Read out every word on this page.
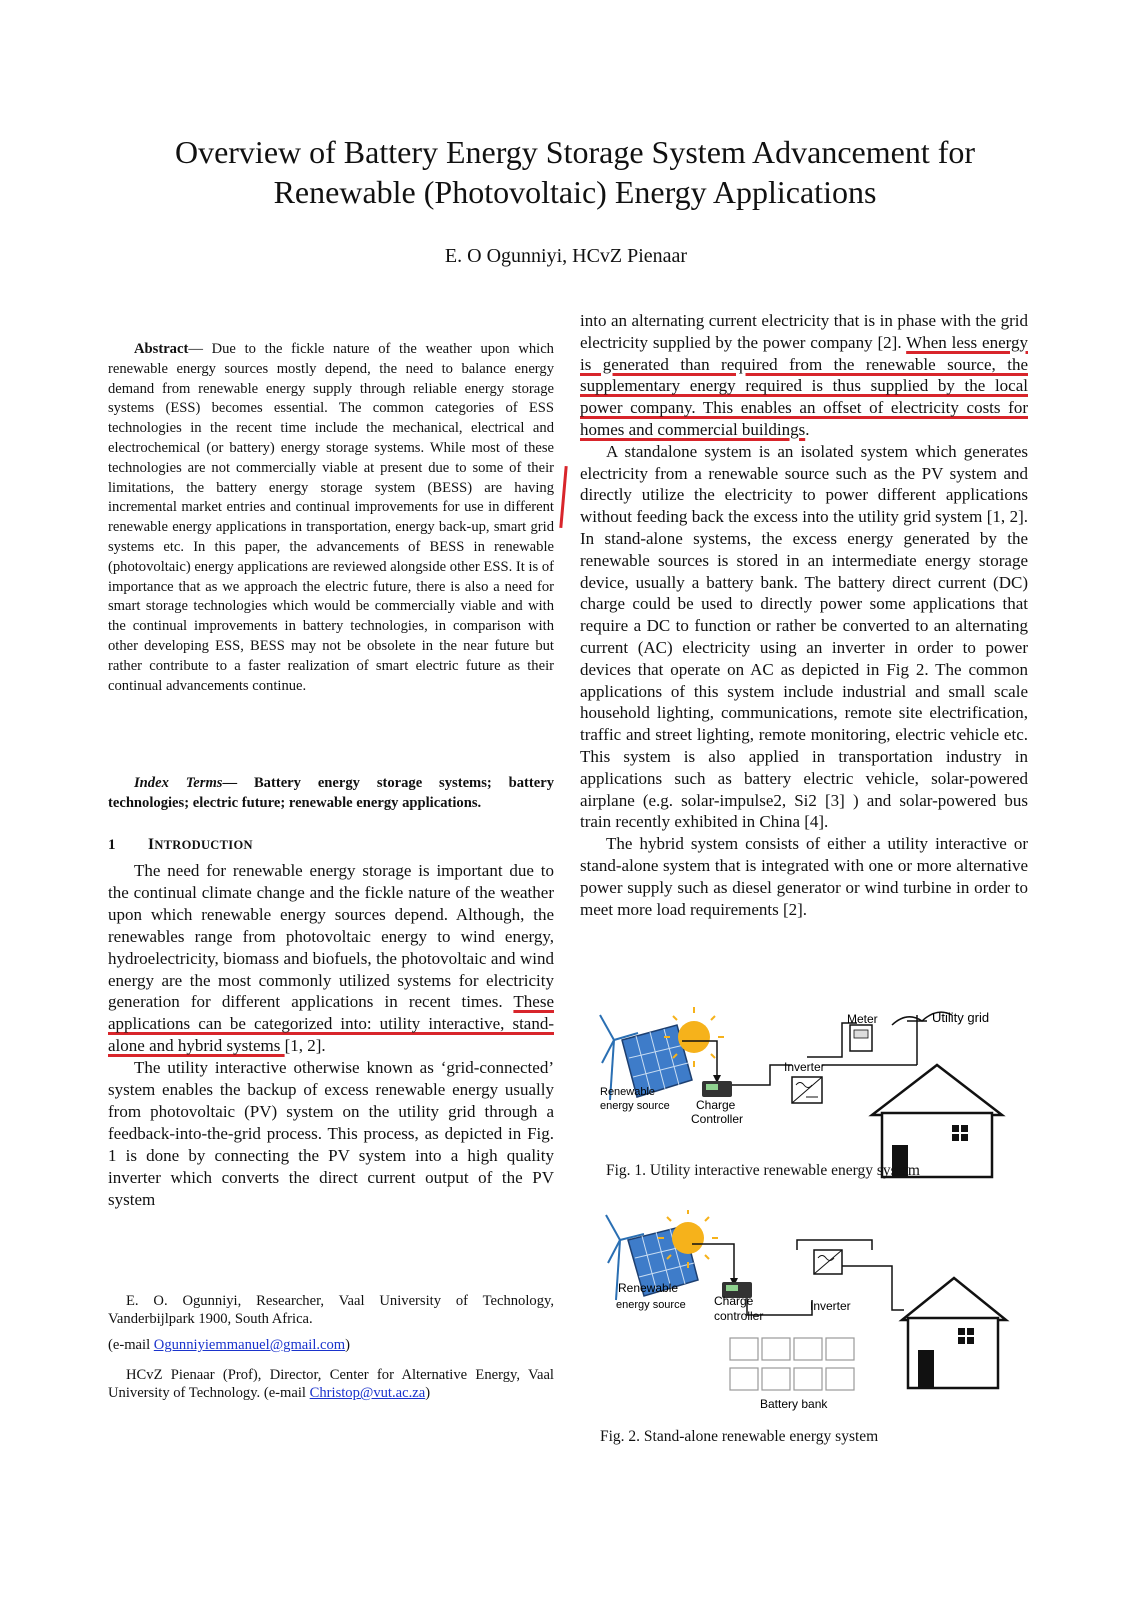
Overview of Battery Energy Storage System Advancement for
Renewable (Photovoltaic) Energy Applications
E. O Ogunniyi, HCvZ Pienaar

Abstract— Due to the fickle nature of the weather upon which renewable energy sources mostly depend, the need to balance energy demand from renewable energy supply through reliable energy storage systems (ESS) becomes essential. The common categories of ESS technologies in the recent time include the mechanical, electrical and electrochemical (or battery) energy storage systems. While most of these technologies are not commercially viable at present due to some of their limitations, the battery energy storage system (BESS) are having incremental market entries and continual improvements for use in different renewable energy applications in transportation, energy back-up, smart grid systems etc. In this paper, the advancements of BESS in renewable (photovoltaic) energy applications are reviewed alongside other ESS. It is of importance that as we approach the electric future, there is also a need for smart storage technologies which would be commercially viable and with the continual improvements in battery technologies, in comparison with other developing ESS, BESS may not be obsolete in the near future but rather contribute to a faster realization of smart electric future as their continual advancements continue.

Index Terms— Battery energy storage systems; battery technologies; electric future; renewable energy applications.

1 INTRODUCTION

The need for renewable energy storage is important due to the continual climate change and the fickle nature of the weather upon which renewable energy sources depend. Although, the renewables range from photovoltaic energy to wind energy, hydroelectricity, biomass and biofuels, the photovoltaic and wind energy are the most commonly utilized systems for electricity generation for different applications in recent times. These applications can be categorized into: utility interactive, stand-alone and hybrid systems [1, 2].

The utility interactive otherwise known as ‘grid-connected’ system enables the backup of excess renewable energy usually from photovoltaic (PV) system on the utility grid through a feedback-into-the-grid process. This process, as depicted in Fig. 1 is done by connecting the PV system into a high quality inverter which converts the direct current output of the PV system

into an alternating current electricity that is in phase with the grid electricity supplied by the power company [2]. When less energy is generated than required from the renewable source, the supplementary energy required is thus supplied by the local power company. This enables an offset of electricity costs for homes and commercial buildings.

A standalone system is an isolated system which generates electricity from a renewable source such as the PV system and directly utilize the electricity to power different applications without feeding back the excess into the utility grid system [1, 2]. In stand-alone systems, the excess energy generated by the renewable sources is stored in an intermediate energy storage device, usually a battery bank. The battery direct current (DC) charge could be used to directly power some applications that require a DC to function or rather be converted to an alternating current (AC) electricity using an inverter in order to power devices that operate on AC as depicted in Fig 2. The common applications of this system include industrial and small scale household lighting, communications, remote site electrification, traffic and street lighting, remote monitoring, electric vehicle etc. This system is also applied in transportation industry in applications such as battery electric vehicle, solar-powered airplane (e.g. solar-impulse2, Si2 [3] ) and solar-powered bus train recently exhibited in China [4].

The hybrid system consists of either a utility interactive or stand-alone system that is integrated with one or more alternative power supply such as diesel generator or wind turbine in order to meet more load requirements [2].

Meter	Utility grid
Inverter
Renewable
energy source Charge
Controller
Fig. 1. Utility interactive renewable energy system
Renewable
energy source Charge
controller
Inverter
Battery bank
Fig. 2. Stand-alone renewable energy system

E. O. Ogunniyi, Researcher, Vaal University of Technology, Vanderbijlpark 1900, South Africa.

(e-mail Ogunniyiemmanuel@gmail.com)

HCvZ Pienaar (Prof), Director, Center for Alternative Energy, Vaal University of Technology. (e-mail Christop@vut.ac.za)
